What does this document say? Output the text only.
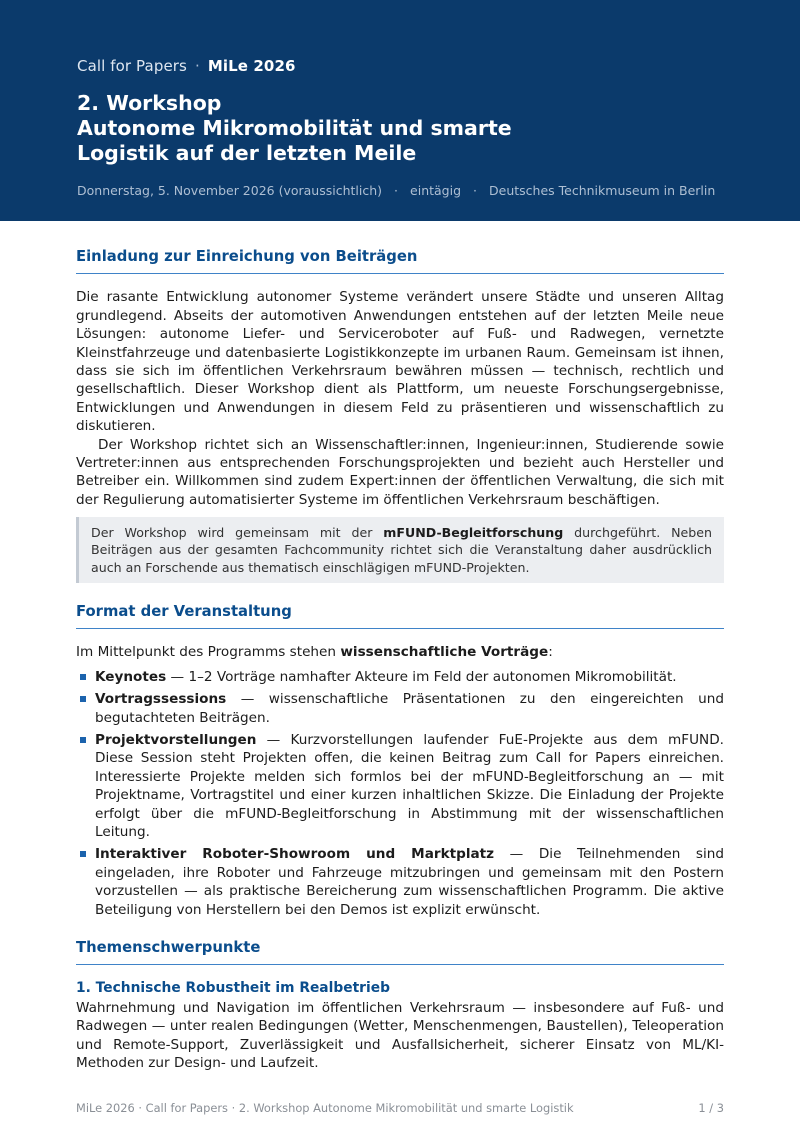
Call for Papers · MiLe 2026
2. Workshop
Autonome Mikromobilität und smarte
Logistik auf der letzten Meile
Donnerstag, 5. November 2026 (voraussichtlich) · eintägig · Deutsches Technikmuseum in Berlin
Einladung zur Einreichung von Beiträgen

Die rasante Entwicklung autonomer Systeme verändert unsere Städte und unseren Alltag grundlegend. Abseits der automotiven Anwendungen entstehen auf der letzten Meile neue Lösungen: autonome Liefer- und Serviceroboter auf Fuß- und Radwegen, vernetzte Kleinstfahrzeuge und datenbasierte Logistikkonzepte im urbanen Raum. Gemeinsam ist ihnen, dass sie sich im öffentlichen Verkehrsraum bewähren müssen — technisch, rechtlich und gesellschaftlich. Dieser Workshop dient als Plattform, um neueste Forschungsergebnisse, Entwicklungen und Anwendungen in diesem Feld zu präsentieren und wissenschaftlich zu diskutieren.

Der Workshop richtet sich an Wissenschaftler:innen, Ingenieur:innen, Studierende sowie Vertreter:innen aus entsprechenden Forschungsprojekten und bezieht auch Hersteller und Betreiber ein. Willkommen sind zudem Expert:innen der öffentlichen Verwaltung, die sich mit der Regulierung automatisierter Systeme im öffentlichen Verkehrsraum beschäftigen.

Der Workshop wird gemeinsam mit der mFUND-Begleitforschung durchgeführt. Neben Beiträgen aus der gesamten Fachcommunity richtet sich die Veranstaltung daher ausdrücklich auch an Forschende aus thematisch einschlägigen mFUND-Projekten.
Format der Veranstaltung

Im Mittelpunkt des Programms stehen wissenschaftliche Vorträge:

Keynotes — 1–2 Vorträge namhafter Akteure im Feld der autonomen Mikromobilität.
Vortragssessions — wissenschaftliche Präsentationen zu den eingereichten und begutachteten Beiträgen.
Projektvorstellungen — Kurzvorstellungen laufender FuE-Projekte aus dem mFUND. Diese Session steht Projekten offen, die keinen Beitrag zum Call for Papers einreichen. Interessierte Projekte melden sich formlos bei der mFUND-Begleitforschung an — mit Projektname, Vortragstitel und einer kurzen inhaltlichen Skizze. Die Einladung der Projekte erfolgt über die mFUND-Begleitforschung in Abstimmung mit der wissenschaftlichen Leitung.
Interaktiver Roboter-Showroom und Marktplatz — Die Teilnehmenden sind eingeladen, ihre Roboter und Fahrzeuge mitzubringen und gemeinsam mit den Postern vorzustellen — als praktische Bereicherung zum wissenschaftlichen Programm. Die aktive Beteiligung von Herstellern bei den Demos ist explizit erwünscht.
Themenschwerpunkte
1. Technische Robustheit im Realbetrieb

Wahrnehmung und Navigation im öffentlichen Verkehrsraum — insbesondere auf Fuß- und Radwegen — unter realen Bedingungen (Wetter, Menschenmengen, Baustellen), Teleoperation und Remote-Support, Zuverlässigkeit und Ausfallsicherheit, sicherer Einsatz von ML/KI-Methoden zur Design- und Laufzeit.

MiLe 2026 · Call for Papers · 2. Workshop Autonome Mikromobilität und smarte Logistik	1 / 3
